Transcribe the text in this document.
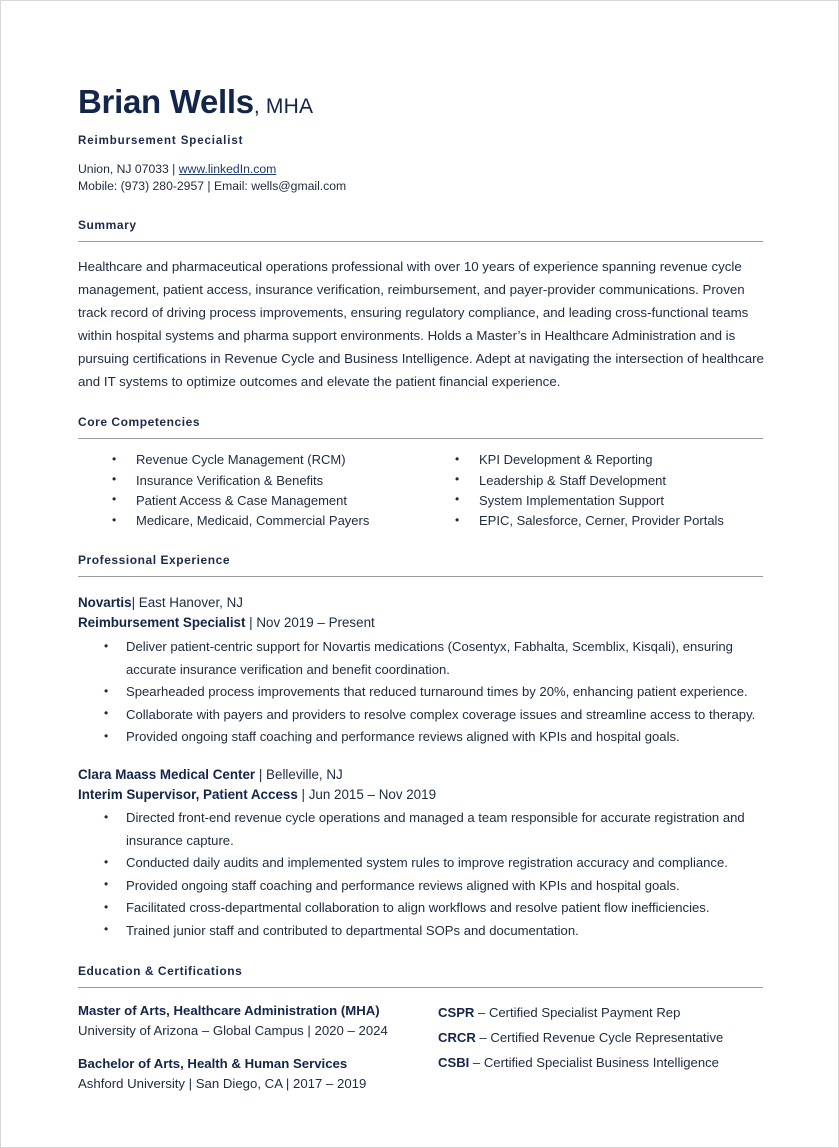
Brian Wells, MHA
Reimbursement Specialist
Union, NJ 07033 | www.linkedIn.com
Mobile: (973) 280-2957 | Email: wells@gmail.com
Summary
Healthcare and pharmaceutical operations professional with over 10 years of experience spanning revenue cycle management, patient access, insurance verification, reimbursement, and payer-provider communications. Proven track record of driving process improvements, ensuring regulatory compliance, and leading cross-functional teams within hospital systems and pharma support environments. Holds a Master’s in Healthcare Administration and is pursuing certifications in Revenue Cycle and Business Intelligence. Adept at navigating the intersection of healthcare and IT systems to optimize outcomes and elevate the patient financial experience.
Core Competencies
• Revenue Cycle Management (RCM)
• Insurance Verification & Benefits
• Patient Access & Case Management
• Medicare, Medicaid, Commercial Payers
• KPI Development & Reporting
• Leadership & Staff Development
• System Implementation Support
• EPIC, Salesforce, Cerner, Provider Portals
Professional Experience
Novartis| East Hanover, NJ
Reimbursement Specialist | Nov 2019 – Present
• Deliver patient-centric support for Novartis medications (Cosentyx, Fabhalta, Scemblix, Kisqali), ensuring accurate insurance verification and benefit coordination.
• Spearheaded process improvements that reduced turnaround times by 20%, enhancing patient experience.
• Collaborate with payers and providers to resolve complex coverage issues and streamline access to therapy.
• Provided ongoing staff coaching and performance reviews aligned with KPIs and hospital goals.
Clara Maass Medical Center | Belleville, NJ
Interim Supervisor, Patient Access | Jun 2015 – Nov 2019
• Directed front-end revenue cycle operations and managed a team responsible for accurate registration and insurance capture.
• Conducted daily audits and implemented system rules to improve registration accuracy and compliance.
• Provided ongoing staff coaching and performance reviews aligned with KPIs and hospital goals.
• Facilitated cross-departmental collaboration to align workflows and resolve patient flow inefficiencies.
• Trained junior staff and contributed to departmental SOPs and documentation.
Education & Certifications
Master of Arts, Healthcare Administration (MHA)
University of Arizona – Global Campus | 2020 – 2024
Bachelor of Arts, Health & Human Services
Ashford University | San Diego, CA | 2017 – 2019
CSPR – Certified Specialist Payment Rep
CRCR – Certified Revenue Cycle Representative
CSBI – Certified Specialist Business Intelligence
